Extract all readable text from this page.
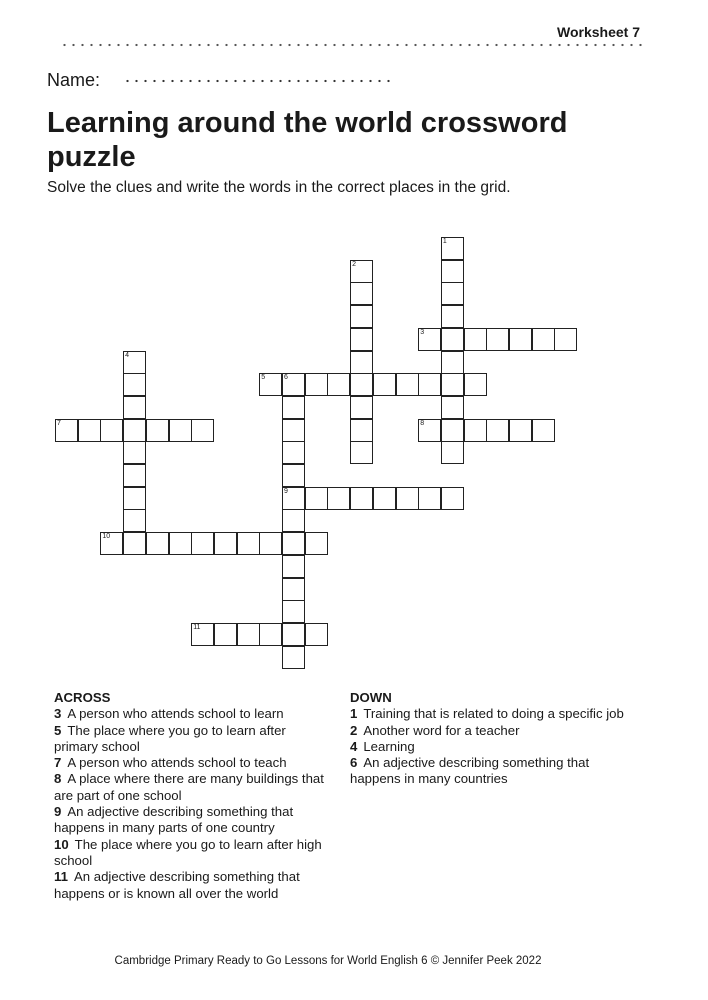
Worksheet 7
Name:
Learning around the world crossword puzzle
Solve the clues and write the words in the correct places in the grid.
1
2
3
4
5	6
9
7	8
10
11
ACROSS
3 A person who attends school to learn
5 The place where you go to learn after primary school
7 A person who attends school to teach
8 A place where there are many buildings that are part of one school
9 An adjective describing something that happens in many parts of one country
10 The place where you go to learn after high school
11 An adjective describing something that happens or is known all over the world
DOWN
1 Training that is related to doing a specific job
2 Another word for a teacher
4 Learning
6 An adjective describing something that happens in many countries
Cambridge Primary Ready to Go Lessons for World English 6 © Jennifer Peek 2022
